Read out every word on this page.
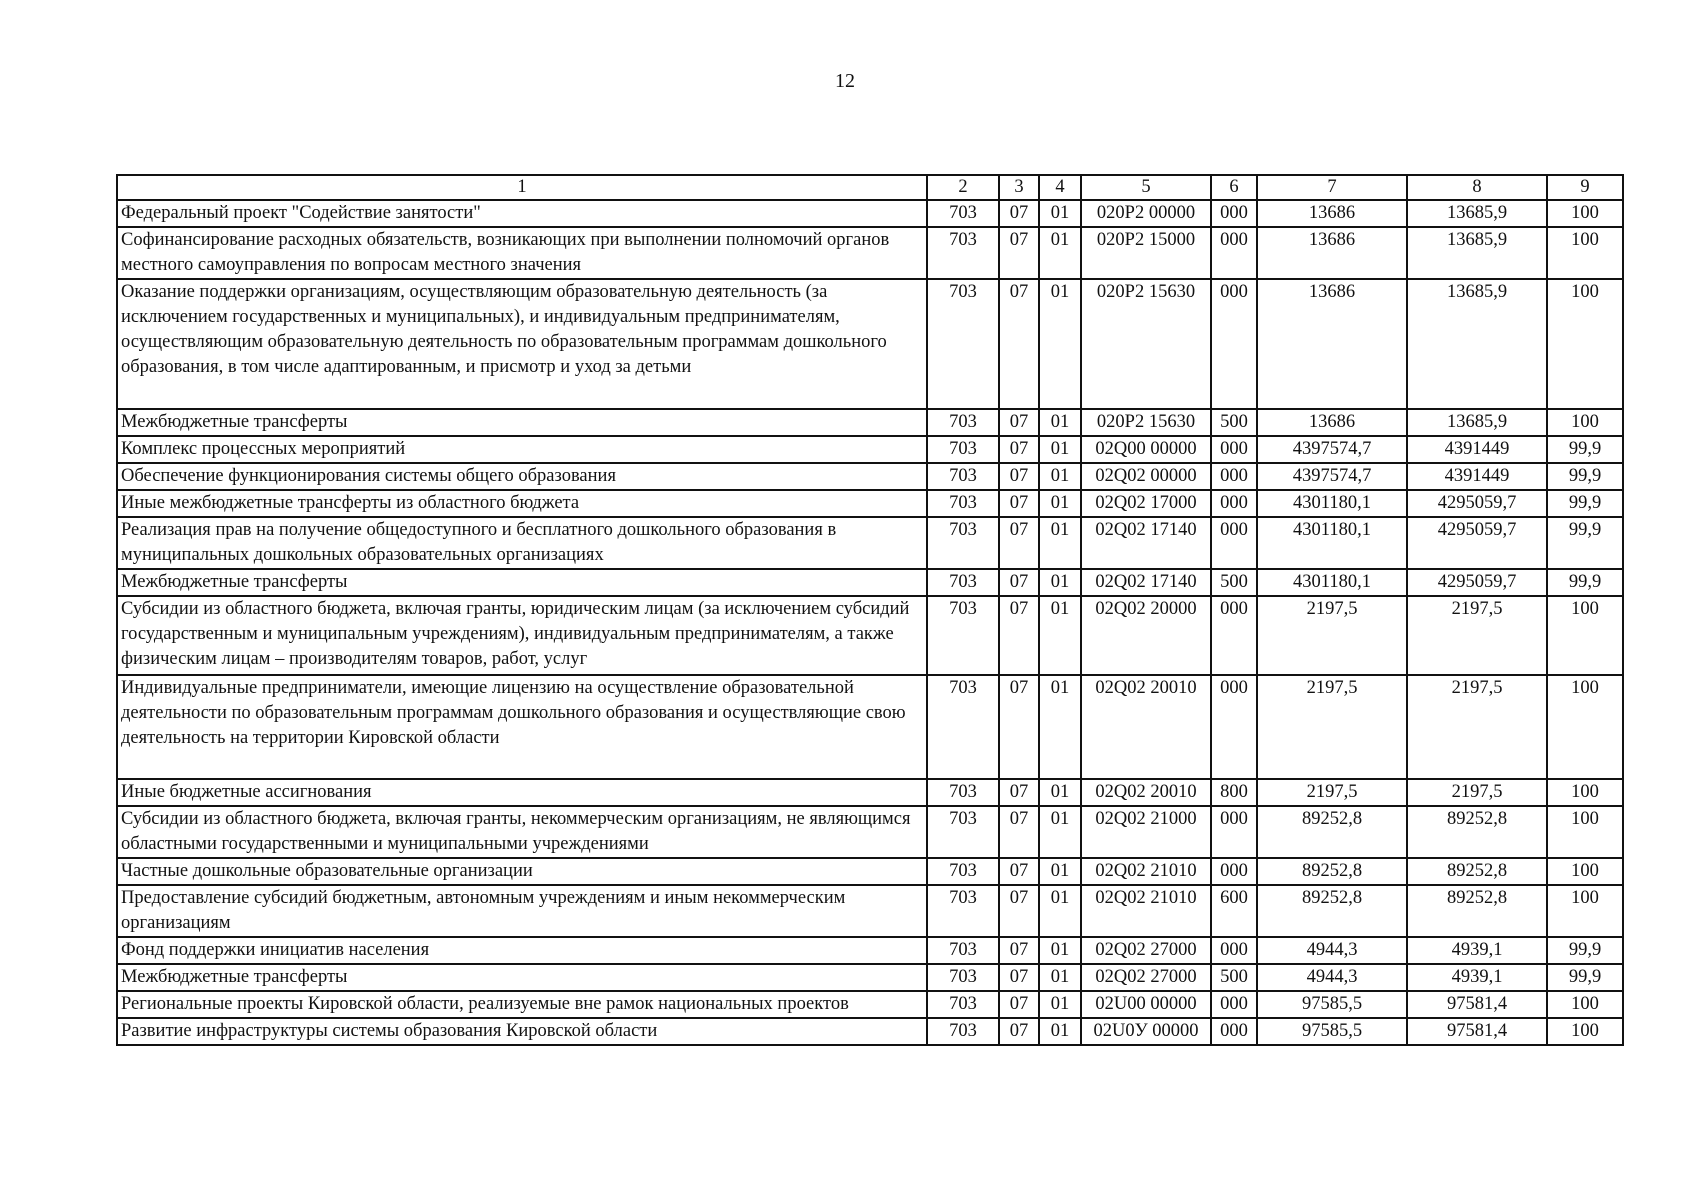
12
1	2	3	4	5	6	7	8	9
Федеральный проект "Содействие занятости"	703	07	01	020Р2 00000	000	13686	13685,9	100
Софинансирование расходных обязательств, возникающих при выполнении полномочий органов местного самоуправления по вопросам местного значения	703	07	01	020Р2 15000	000	13686	13685,9	100
Оказание поддержки организациям, осуществляющим образовательную деятельность (за исключением государственных и муниципальных), и индивидуальным предпринимателям, осуществляющим образовательную деятельность по образовательным программам дошкольного образования, в том числе адаптированным, и присмотр и уход за детьми	703	07	01	020Р2 15630	000	13686	13685,9	100
Межбюджетные трансферты	703	07	01	020Р2 15630	500	13686	13685,9	100
Комплекс процессных мероприятий	703	07	01	02Q00 00000	000	4397574,7	4391449	99,9
Обеспечение функционирования системы общего образования	703	07	01	02Q02 00000	000	4397574,7	4391449	99,9
Иные межбюджетные трансферты из областного бюджета	703	07	01	02Q02 17000	000	4301180,1	4295059,7	99,9
Реализация прав на получение общедоступного и бесплатного дошкольного образования в муниципальных дошкольных образовательных организациях	703	07	01	02Q02 17140	000	4301180,1	4295059,7	99,9
Межбюджетные трансферты	703	07	01	02Q02 17140	500	4301180,1	4295059,7	99,9
Субсидии из областного бюджета, включая гранты, юридическим лицам (за исключением субсидий государственным и муниципальным учреждениям), индивидуальным предпринимателям, а также физическим лицам – производителям товаров, работ, услуг	703	07	01	02Q02 20000	000	2197,5	2197,5	100
Индивидуальные предприниматели, имеющие лицензию на осуществление образовательной деятельности по образовательным программам дошкольного образования и осуществляющие свою деятельность на территории Кировской области	703	07	01	02Q02 20010	000	2197,5	2197,5	100
Иные бюджетные ассигнования	703	07	01	02Q02 20010	800	2197,5	2197,5	100
Субсидии из областного бюджета, включая гранты, некоммерческим организациям, не являющимся областными государственными и муниципальными учреждениями	703	07	01	02Q02 21000	000	89252,8	89252,8	100
Частные дошкольные образовательные организации	703	07	01	02Q02 21010	000	89252,8	89252,8	100
Предоставление субсидий бюджетным, автономным учреждениям и иным некоммерческим организациям	703	07	01	02Q02 21010	600	89252,8	89252,8	100
Фонд поддержки инициатив населения	703	07	01	02Q02 27000	000	4944,3	4939,1	99,9
Межбюджетные трансферты	703	07	01	02Q02 27000	500	4944,3	4939,1	99,9
Региональные проекты Кировской области, реализуемые вне рамок национальных проектов	703	07	01	02U00 00000	000	97585,5	97581,4	100
Развитие инфраструктуры системы образования Кировской области	703	07	01	02U0У 00000	000	97585,5	97581,4	100
